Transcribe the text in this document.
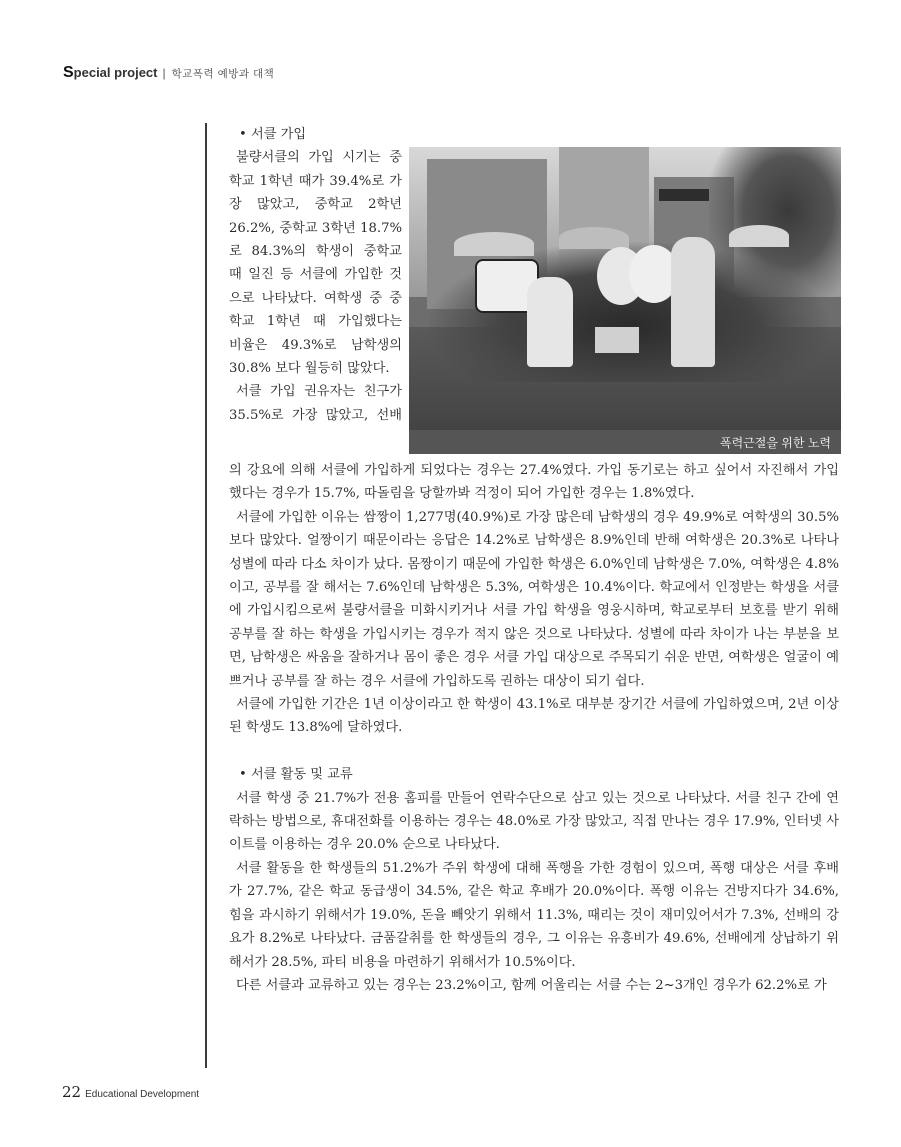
Special project | 학교폭력 예방과 대책
• 서클 가입
불량서클의 가입 시기는 중
학교 1학년 때가 39.4%로 가
장 많았고, 중학교 2학년
26.2%, 중학교 3학년 18.7%
로 84.3%의 학생이 중학교
때 일진 등 서클에 가입한 것
으로 나타났다. 여학생 중 중
학교 1학년 때 가입했다는
비율은 49.3%로 남학생의
30.8% 보다 월등히 많았다.
서클 가입 권유자는 친구가
35.5%로 가장 많았고, 선배
폭력근절을 위한 노력
의 강요에 의해 서클에 가입하게 되었다는 경우는 27.4%였다. 가입 동기로는 하고 싶어서 자진해서 가입했다는 경우가 15.7%, 따돌림을 당할까봐 걱정이 되어 가입한 경우는 1.8%였다.
서클에 가입한 이유는 쌈짱이 1,277명(40.9%)로 가장 많은데 남학생의 경우 49.9%로 여학생의 30.5%보다 많았다. 얼짱이기 때문이라는 응답은 14.2%로 남학생은 8.9%인데 반해 여학생은 20.3%로 나타나 성별에 따라 다소 차이가 났다. 몸짱이기 때문에 가입한 학생은 6.0%인데 남학생은 7.0%, 여학생은 4.8%이고, 공부를 잘 해서는 7.6%인데 남학생은 5.3%, 여학생은 10.4%이다. 학교에서 인정받는 학생을 서클에 가입시킴으로써 불량서클을 미화시키거나 서클 가입 학생을 영웅시하며, 학교로부터 보호를 받기 위해 공부를 잘 하는 학생을 가입시키는 경우가 적지 않은 것으로 나타났다. 성별에 따라 차이가 나는 부분을 보면, 남학생은 싸움을 잘하거나 몸이 좋은 경우 서클 가입 대상으로 주목되기 쉬운 반면, 여학생은 얼굴이 예쁘거나 공부를 잘 하는 경우 서클에 가입하도록 권하는 대상이 되기 쉽다.
서클에 가입한 기간은 1년 이상이라고 한 학생이 43.1%로 대부분 장기간 서클에 가입하였으며, 2년 이상 된 학생도 13.8%에 달하였다.
• 서클 활동 및 교류
서클 학생 중 21.7%가 전용 홈피를 만들어 연락수단으로 삼고 있는 것으로 나타났다. 서클 친구 간에 연락하는 방법으로, 휴대전화를 이용하는 경우는 48.0%로 가장 많았고, 직접 만나는 경우 17.9%, 인터넷 사이트를 이용하는 경우 20.0% 순으로 나타났다.
서클 활동을 한 학생들의 51.2%가 주위 학생에 대해 폭행을 가한 경험이 있으며, 폭행 대상은 서클 후배가 27.7%, 같은 학교 동급생이 34.5%, 같은 학교 후배가 20.0%이다. 폭행 이유는 건방지다가 34.6%, 힘을 과시하기 위해서가 19.0%, 돈을 빼앗기 위해서 11.3%, 때리는 것이 재미있어서가 7.3%, 선배의 강요가 8.2%로 나타났다. 금품갈취를 한 학생들의 경우, 그 이유는 유흥비가 49.6%, 선배에게 상납하기 위해서가 28.5%, 파티 비용을 마련하기 위해서가 10.5%이다.
다른 서클과 교류하고 있는 경우는 23.2%이고, 함께 어울리는 서클 수는 2~3개인 경우가 62.2%로 가
22 Educational Development
